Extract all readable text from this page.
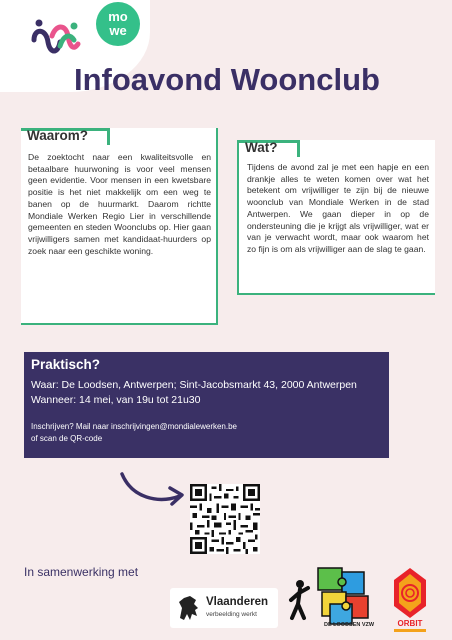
mo
we
Infoavond Woonclub
Waarom?
De zoektocht naar een kwaliteitsvolle en betaalbare huurwoning is voor veel mensen geen evidentie. Voor mensen in een kwetsbare positie is het niet makkelijk om een weg te banen op de huurmarkt. Daarom richtte Mondiale Werken Regio Lier in verschillende gemeenten en steden Woonclubs op. Hier gaan vrijwilligers samen met kandidaat-huurders op zoek naar een geschikte woning.
Wat?
Tijdens de avond zal je met een hapje en een drankje alles te weten komen over wat het betekent om vrijwilliger te zijn bij de nieuwe woonclub van Mondiale Werken in de stad Antwerpen. We gaan dieper in op de ondersteuning die je krijgt als vrijwilliger, wat er van je verwacht wordt, maar ook waarom het zo fijn is om als vrijwilliger aan de slag te gaan.
Praktisch?
Waar: De Loodsen, Antwerpen; Sint-Jacobsmarkt 43, 2000 Antwerpen
Wanneer: 14 mei, van 19u tot 21u30
Inschrijven? Mail naar inschrijvingen@mondialewerken.be
of scan de QR-code
In samenwerking met
Vlaanderen
verbeelding werkt
DE LOODSEN VZW	ORBIT
